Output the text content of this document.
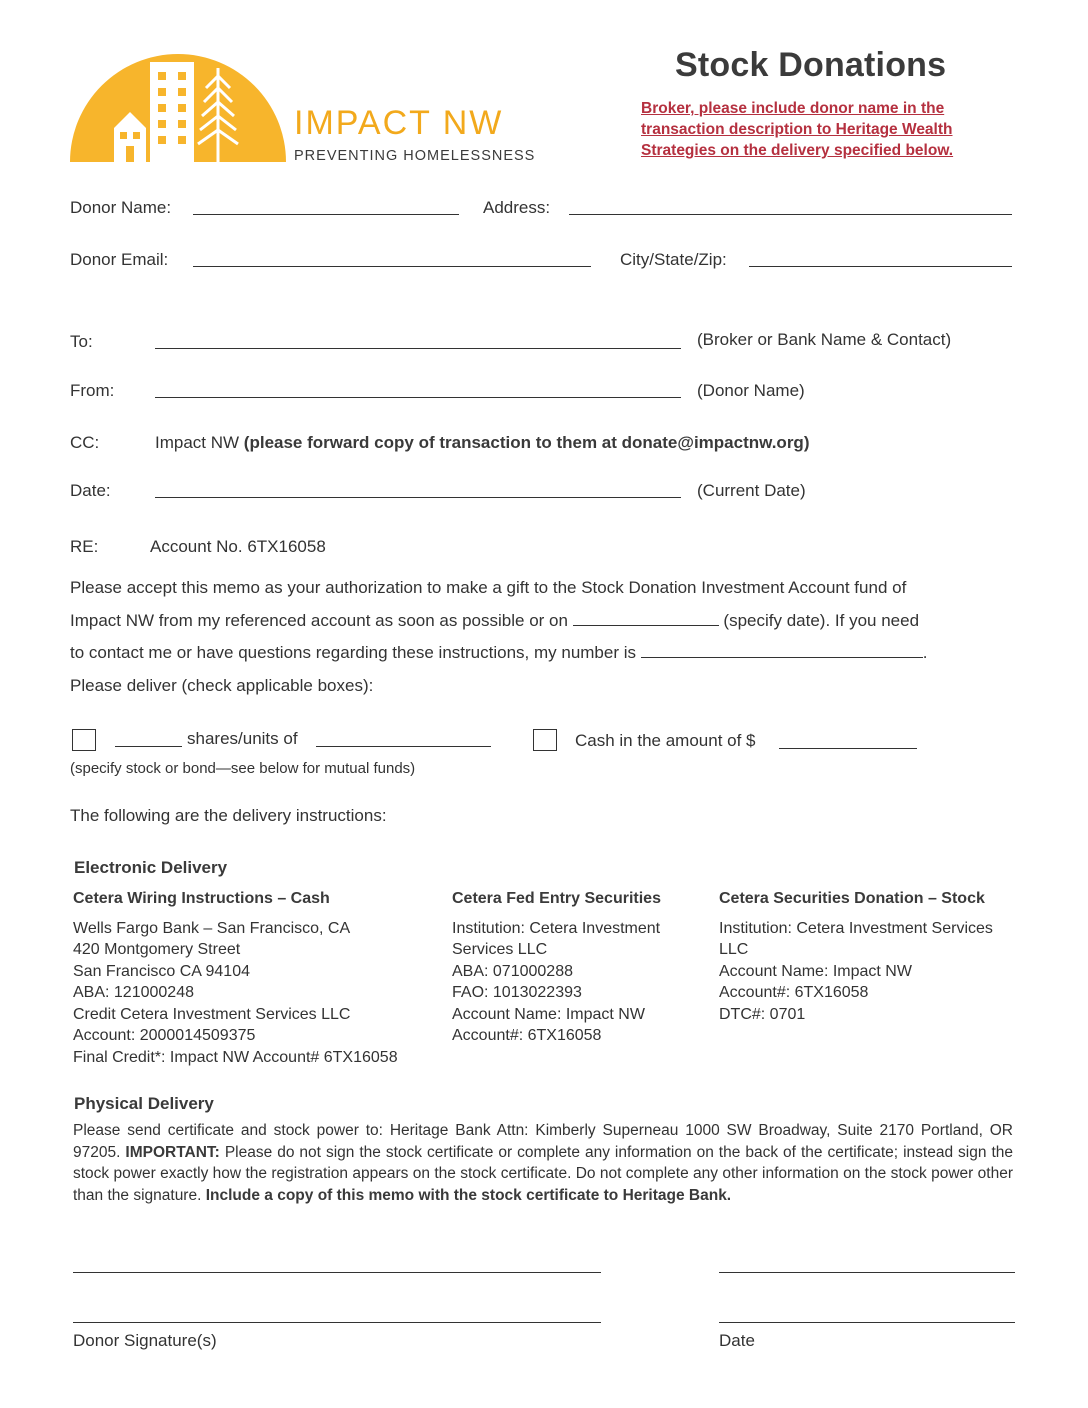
IMPACT NW
PREVENTING HOMELESSNESS
Stock Donations
Broker, please include donor name in the
transaction description to Heritage Wealth
Strategies on the delivery specified below.
Donor Name:	Address:
Donor Email:	City/State/Zip:
To:	(Broker or Bank Name & Contact)
From:	(Donor Name)
CC:	Impact NW (please forward copy of transaction to them at donate@impactnw.org)
Date:	(Current Date)
RE:	Account No. 6TX16058
Please accept this memo as your authorization to make a gift to the Stock Donation Investment Account fund of
Impact NW from my referenced account as soon as possible or on	(specify date). If you need
to contact me or have questions regarding these instructions, my number is	.
Please deliver (check applicable boxes):
shares/units of
(specify stock or bond—see below for mutual funds)
Cash in the amount of $
The following are the delivery instructions:
Electronic Delivery
Cetera Wiring Instructions – Cash
Wells Fargo Bank – San Francisco, CA
420 Montgomery Street
San Francisco CA 94104
ABA: 121000248
Credit Cetera Investment Services LLC
Account: 2000014509375
Final Credit*: Impact NW Account# 6TX16058
Cetera Fed Entry Securities
Institution: Cetera Investment
Services LLC
ABA: 071000288
FAO: 1013022393
Account Name: Impact NW
Account#: 6TX16058
Cetera Securities Donation – Stock
Institution: Cetera Investment Services
LLC
Account Name: Impact NW
Account#: 6TX16058
DTC#: 0701
Physical Delivery
Please send certificate and stock power to: Heritage Bank Attn: Kimberly Superneau 1000 SW Broadway, Suite 2170 Portland, OR 97205. IMPORTANT: Please do not sign the stock certificate or complete any information on the back of the certificate; instead sign the stock power exactly how the registration appears on the stock certificate. Do not complete any other information on the stock power other than the signature. Include a copy of this memo with the stock certificate to Heritage Bank.
Donor Signature(s)	Date
